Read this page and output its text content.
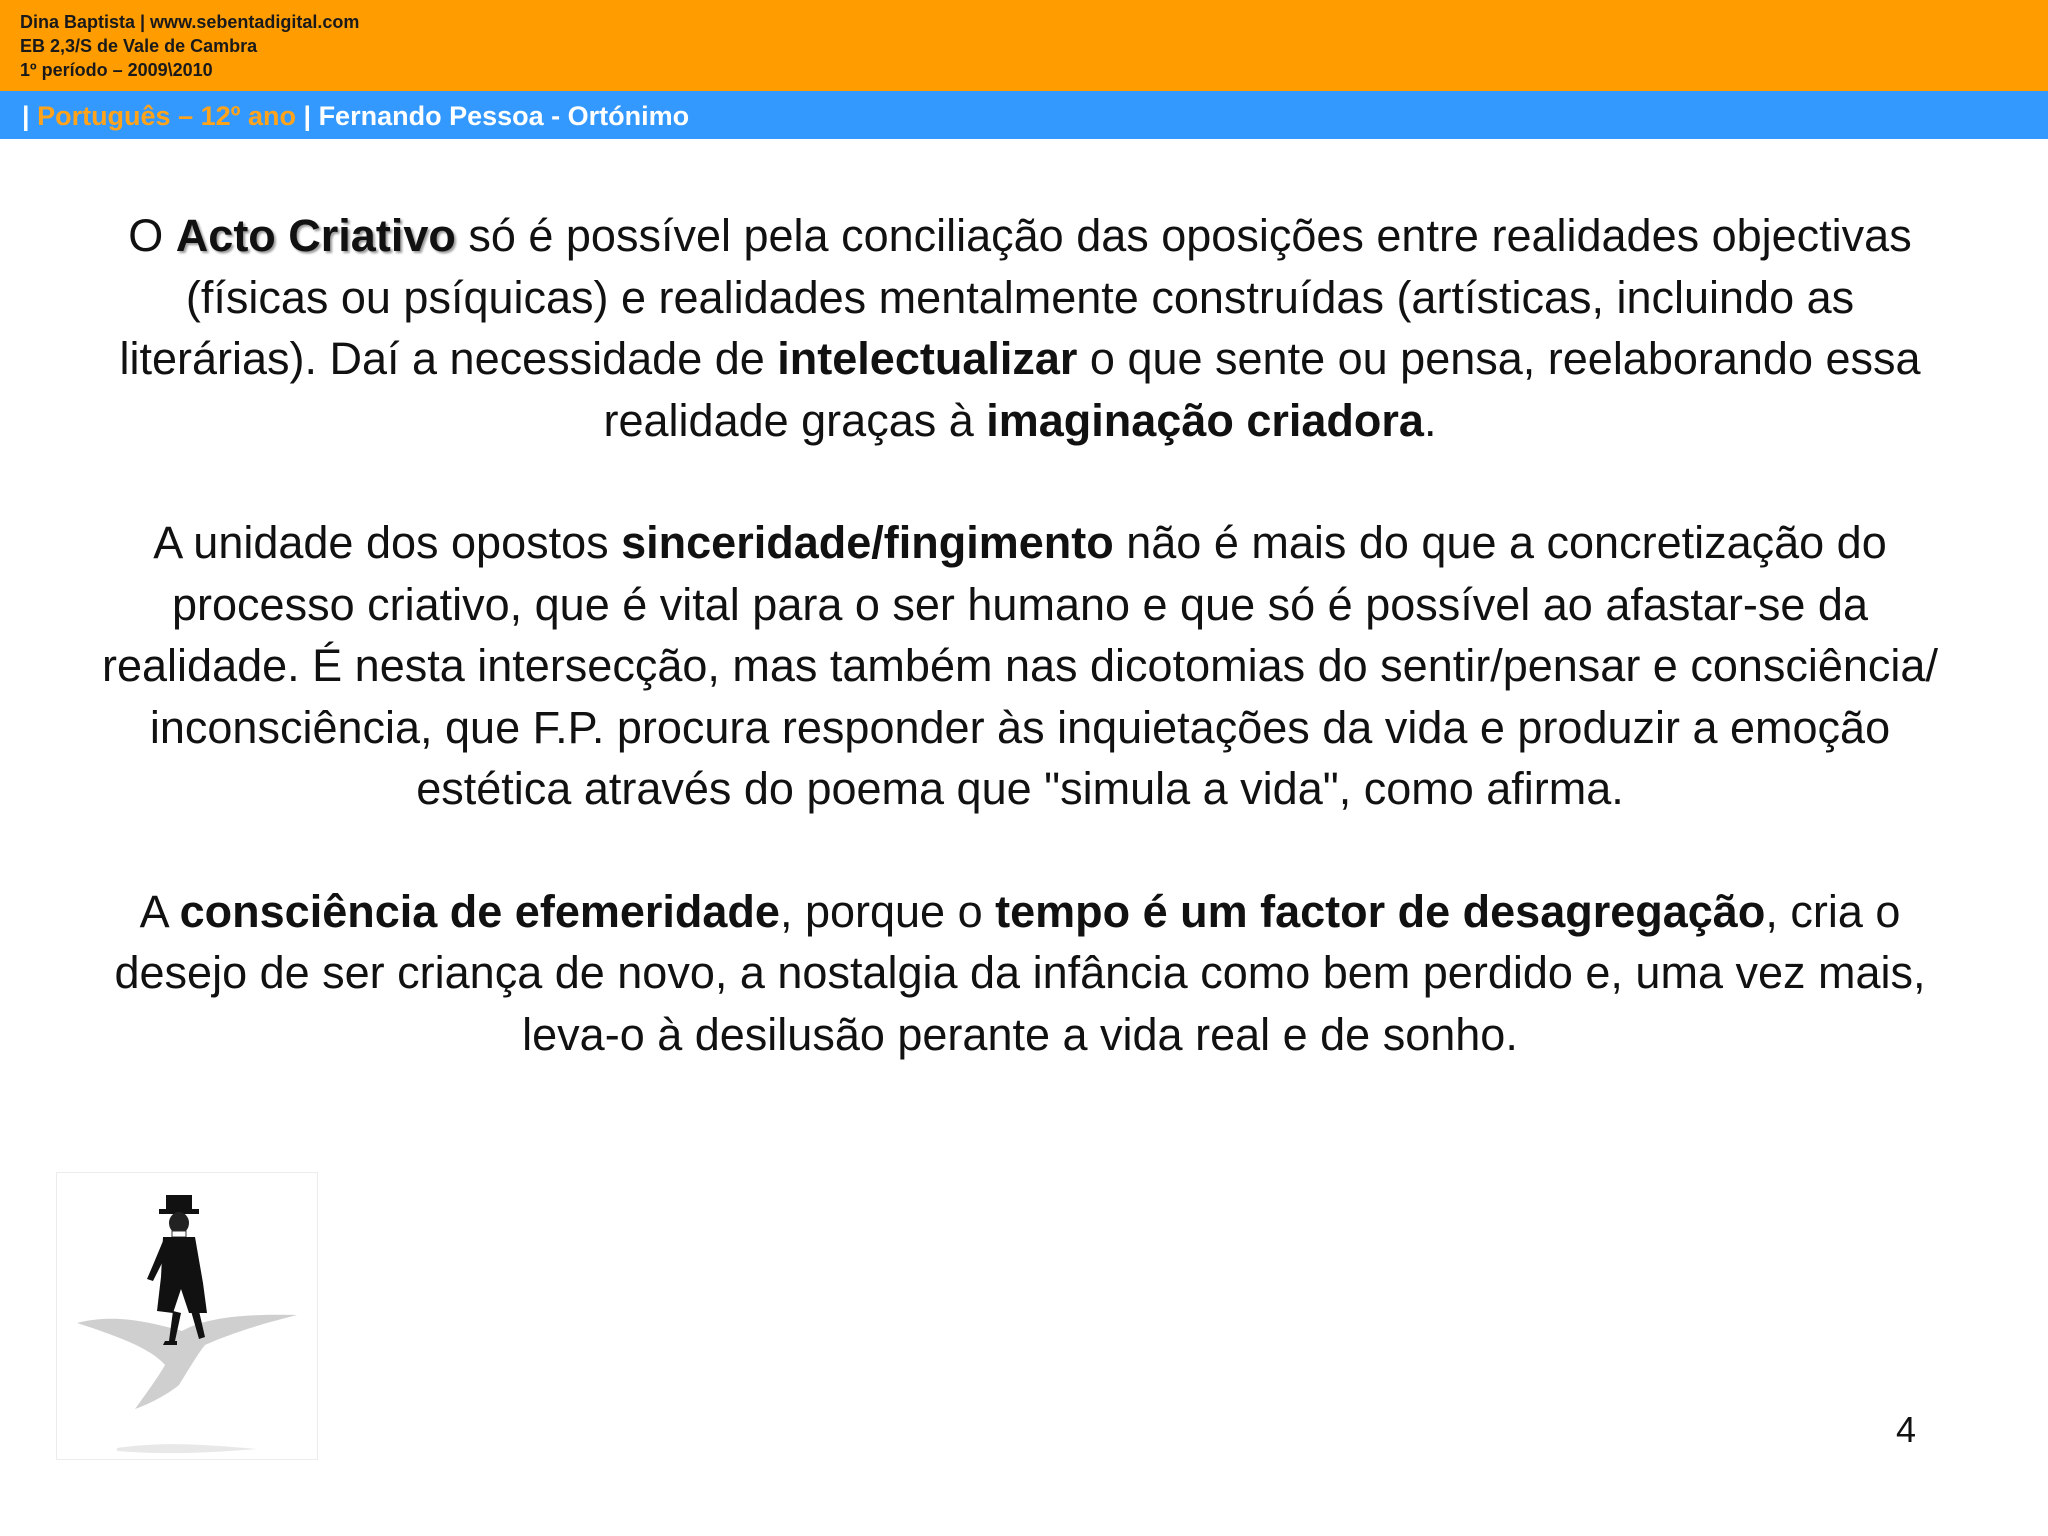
Dina Baptista | www.sebentadigital.com
EB 2,3/S de Vale de Cambra
1º período – 2009\2010
| Português – 12º ano | Fernando Pessoa - Ortónimo

O Acto Criativo só é possível pela conciliação das oposições entre realidades objectivas (físicas ou psíquicas) e realidades mentalmente construídas (artísticas, incluindo as literárias). Daí a necessidade de intelectualizar o que sente ou pensa, reelaborando essa realidade graças à imaginação criadora.

A unidade dos opostos sinceridade/fingimento não é mais do que a concretização do processo criativo, que é vital para o ser humano e que só é possível ao afastar-se da realidade. É nesta intersecção, mas também nas dicotomias do sentir/pensar e consciência/ inconsciência, que F.P. procura responder às inquietações da vida e produzir a emoção estética através do poema que "simula a vida", como afirma.

A consciência de efemeridade, porque o tempo é um factor de desagregação, cria o desejo de ser criança de novo, a nostalgia da infância como bem perdido e, uma vez mais, leva-o à desilusão perante a vida real e de sonho.

4
